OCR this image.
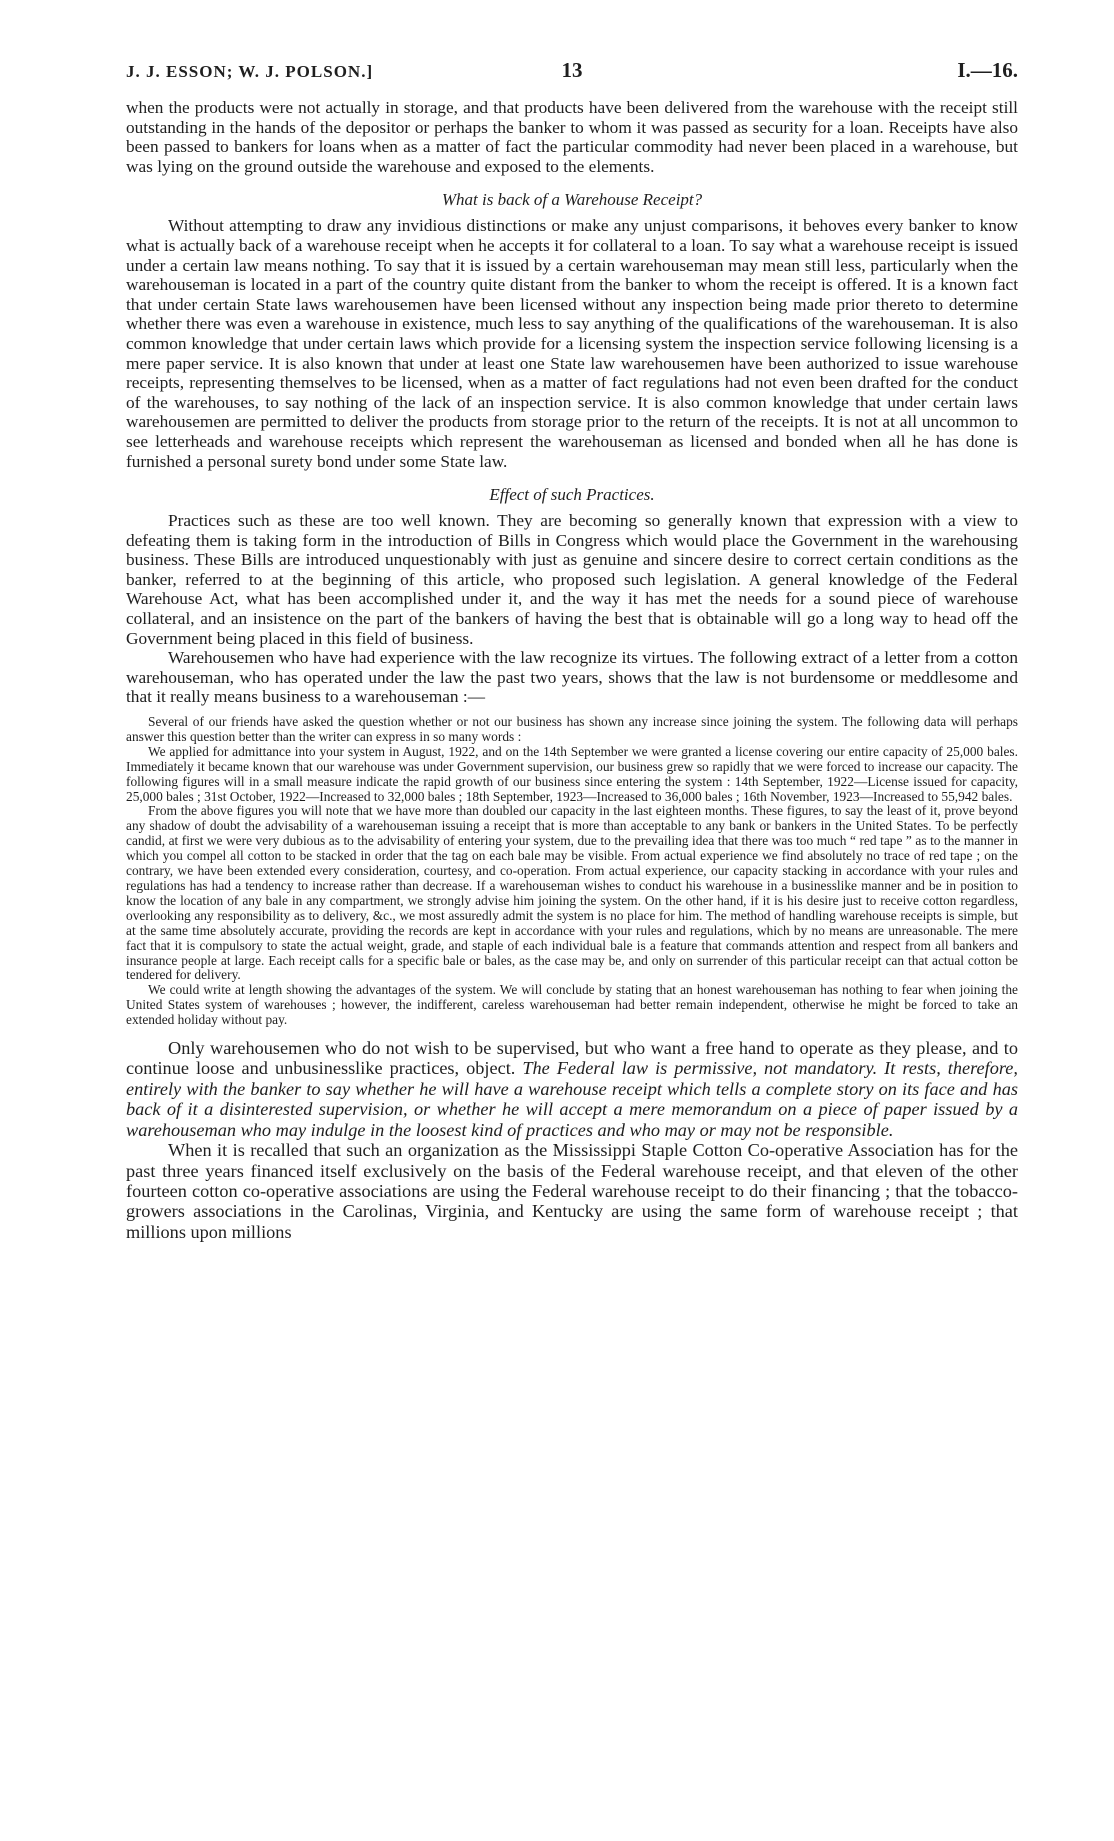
J. J. ESSON; W. J. POLSON.]	13	I.—16.

when the products were not actually in storage, and that products have been delivered from the warehouse with the receipt still outstanding in the hands of the depositor or perhaps the banker to whom it was passed as security for a loan. Receipts have also been passed to bankers for loans when as a matter of fact the particular commodity had never been placed in a warehouse, but was lying on the ground outside the warehouse and exposed to the elements.

What is back of a Warehouse Receipt?

Without attempting to draw any invidious distinctions or make any unjust comparisons, it behoves every banker to know what is actually back of a warehouse receipt when he accepts it for collateral to a loan. To say what a warehouse receipt is issued under a certain law means nothing. To say that it is issued by a certain warehouseman may mean still less, particularly when the warehouseman is located in a part of the country quite distant from the banker to whom the receipt is offered. It is a known fact that under certain State laws warehousemen have been licensed without any inspection being made prior thereto to determine whether there was even a warehouse in existence, much less to say anything of the qualifications of the warehouseman. It is also common knowledge that under certain laws which provide for a licensing system the inspection service following licensing is a mere paper service. It is also known that under at least one State law warehousemen have been authorized to issue warehouse receipts, representing themselves to be licensed, when as a matter of fact regulations had not even been drafted for the conduct of the warehouses, to say nothing of the lack of an inspection service. It is also common knowledge that under certain laws warehousemen are permitted to deliver the products from storage prior to the return of the receipts. It is not at all uncommon to see letterheads and warehouse receipts which represent the warehouseman as licensed and bonded when all he has done is furnished a personal surety bond under some State law.

Effect of such Practices.

Practices such as these are too well known. They are becoming so generally known that expression with a view to defeating them is taking form in the introduction of Bills in Congress which would place the Government in the warehousing business. These Bills are introduced unquestionably with just as genuine and sincere desire to correct certain conditions as the banker, referred to at the beginning of this article, who proposed such legislation. A general knowledge of the Federal Warehouse Act, what has been accomplished under it, and the way it has met the needs for a sound piece of warehouse collateral, and an insistence on the part of the bankers of having the best that is obtainable will go a long way to head off the Government being placed in this field of business.

Warehousemen who have had experience with the law recognize its virtues. The following extract of a letter from a cotton warehouseman, who has operated under the law the past two years, shows that the law is not burdensome or meddlesome and that it really means business to a warehouseman :—

Several of our friends have asked the question whether or not our business has shown any increase since joining the system. The following data will perhaps answer this question better than the writer can express in so many words :

We applied for admittance into your system in August, 1922, and on the 14th September we were granted a license covering our entire capacity of 25,000 bales. Immediately it became known that our warehouse was under Government supervision, our business grew so rapidly that we were forced to increase our capacity. The following figures will in a small measure indicate the rapid growth of our business since entering the system : 14th September, 1922—License issued for capacity, 25,000 bales ; 31st October, 1922—Increased to 32,000 bales ; 18th September, 1923—Increased to 36,000 bales ; 16th November, 1923—Increased to 55,942 bales.

From the above figures you will note that we have more than doubled our capacity in the last eighteen months. These figures, to say the least of it, prove beyond any shadow of doubt the advisability of a warehouseman issuing a receipt that is more than acceptable to any bank or bankers in the United States. To be perfectly candid, at first we were very dubious as to the advisability of entering your system, due to the prevailing idea that there was too much “ red tape ” as to the manner in which you compel all cotton to be stacked in order that the tag on each bale may be visible. From actual experience we find absolutely no trace of red tape ; on the contrary, we have been extended every consideration, courtesy, and co-operation. From actual experience, our capacity stacking in accordance with your rules and regulations has had a tendency to increase rather than decrease. If a warehouseman wishes to conduct his warehouse in a businesslike manner and be in position to know the location of any bale in any compartment, we strongly advise him joining the system. On the other hand, if it is his desire just to receive cotton regardless, overlooking any responsibility as to delivery, &c., we most assuredly admit the system is no place for him. The method of handling warehouse receipts is simple, but at the same time absolutely accurate, providing the records are kept in accordance with your rules and regulations, which by no means are unreasonable. The mere fact that it is compulsory to state the actual weight, grade, and staple of each individual bale is a feature that commands attention and respect from all bankers and insurance people at large. Each receipt calls for a specific bale or bales, as the case may be, and only on surrender of this particular receipt can that actual cotton be tendered for delivery.

We could write at length showing the advantages of the system. We will conclude by stating that an honest warehouseman has nothing to fear when joining the United States system of warehouses ; however, the indifferent, careless warehouseman had better remain independent, otherwise he might be forced to take an extended holiday without pay.

Only warehousemen who do not wish to be supervised, but who want a free hand to operate as they please, and to continue loose and unbusinesslike practices, object. The Federal law is permissive, not mandatory. It rests, therefore, entirely with the banker to say whether he will have a warehouse receipt which tells a complete story on its face and has back of it a disinterested supervision, or whether he will accept a mere memorandum on a piece of paper issued by a warehouseman who may indulge in the loosest kind of practices and who may or may not be responsible.

When it is recalled that such an organization as the Mississippi Staple Cotton Co-operative Association has for the past three years financed itself exclusively on the basis of the Federal warehouse receipt, and that eleven of the other fourteen cotton co-operative associations are using the Federal warehouse receipt to do their financing ; that the tobacco-growers associations in the Carolinas, Virginia, and Kentucky are using the same form of warehouse receipt ; that millions upon millions
